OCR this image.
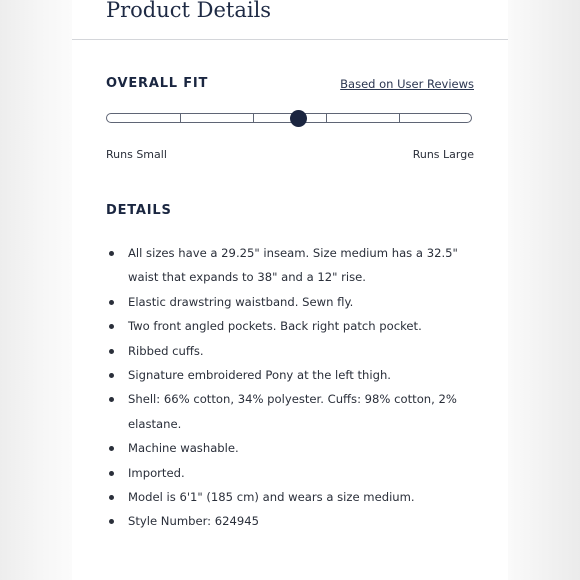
Product Details
OVERALL FIT	Based on User Reviews
Runs Small	Runs Large
DETAILS
All sizes have a 29.25" inseam. Size medium has a 32.5" waist that expands to 38" and a 12" rise.
Elastic drawstring waistband. Sewn fly.
Two front angled pockets. Back right patch pocket.
Ribbed cuffs.
Signature embroidered Pony at the left thigh.
Shell: 66% cotton, 34% polyester. Cuffs: 98% cotton, 2% elastane.
Machine washable.
Imported.
Model is 6'1" (185 cm) and wears a size medium.
Style Number: 624945
